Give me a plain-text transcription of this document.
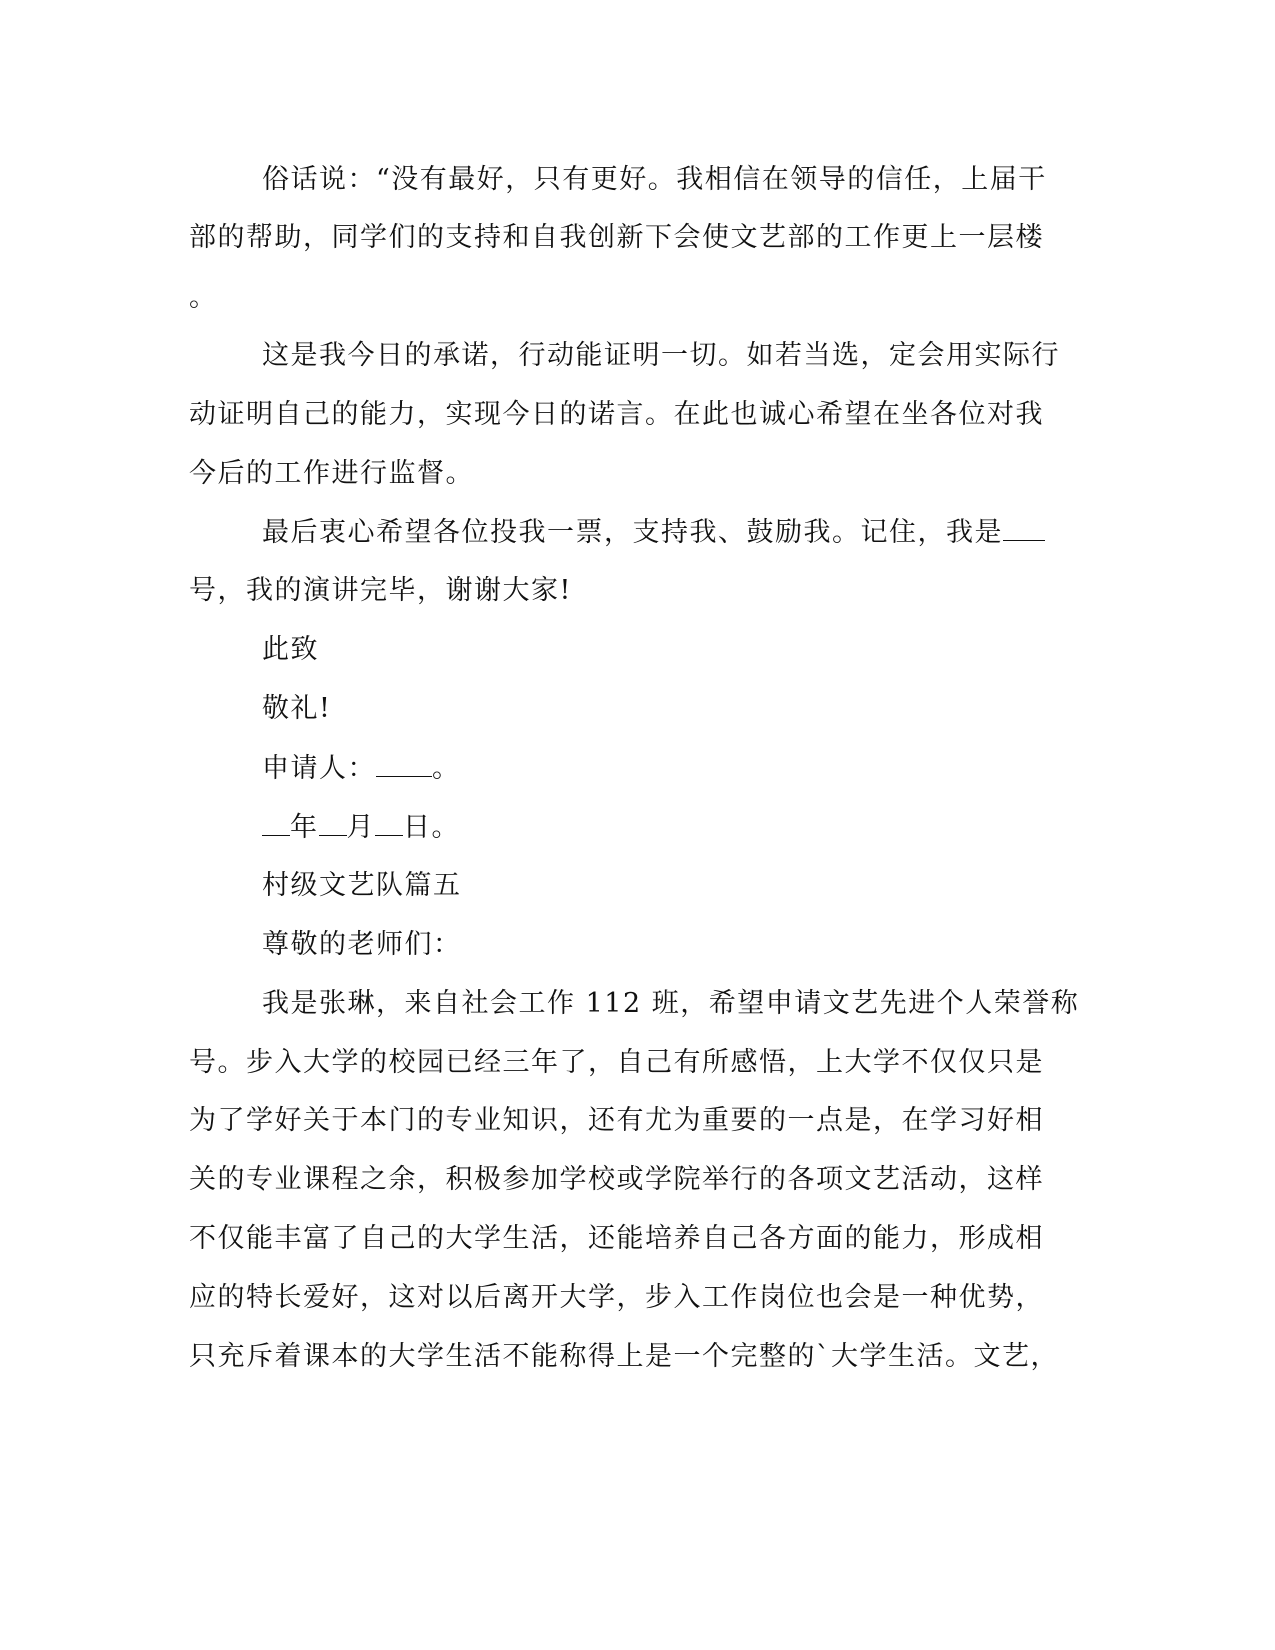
俗话说：“没有最好，只有更好。我相信在领导的信任，上届干
部的帮助，同学们的支持和自我创新下会使文艺部的工作更上一层楼
。
这是我今日的承诺，行动能证明一切。如若当选，定会用实际行
动证明自己的能力，实现今日的诺言。在此也诚心希望在坐各位对我
今后的工作进行监督。
最后衷心希望各位投我一票，支持我、鼓励我。记住，我是
号，我的演讲完毕，谢谢大家!
此致
敬礼!
申请人： 。
年 月 日。
村级文艺队篇五
尊敬的老师们：
我是张琳，来自社会工作 112 班，希望申请文艺先进个人荣誉称
号。步入大学的校园已经三年了，自己有所感悟，上大学不仅仅只是
为了学好关于本门的专业知识，还有尤为重要的一点是，在学习好相
关的专业课程之余，积极参加学校或学院举行的各项文艺活动，这样
不仅能丰富了自己的大学生活，还能培养自己各方面的能力，形成相
应的特长爱好，这对以后离开大学，步入工作岗位也会是一种优势，
只充斥着课本的大学生活不能称得上是一个完整的`大学生活。文艺，
